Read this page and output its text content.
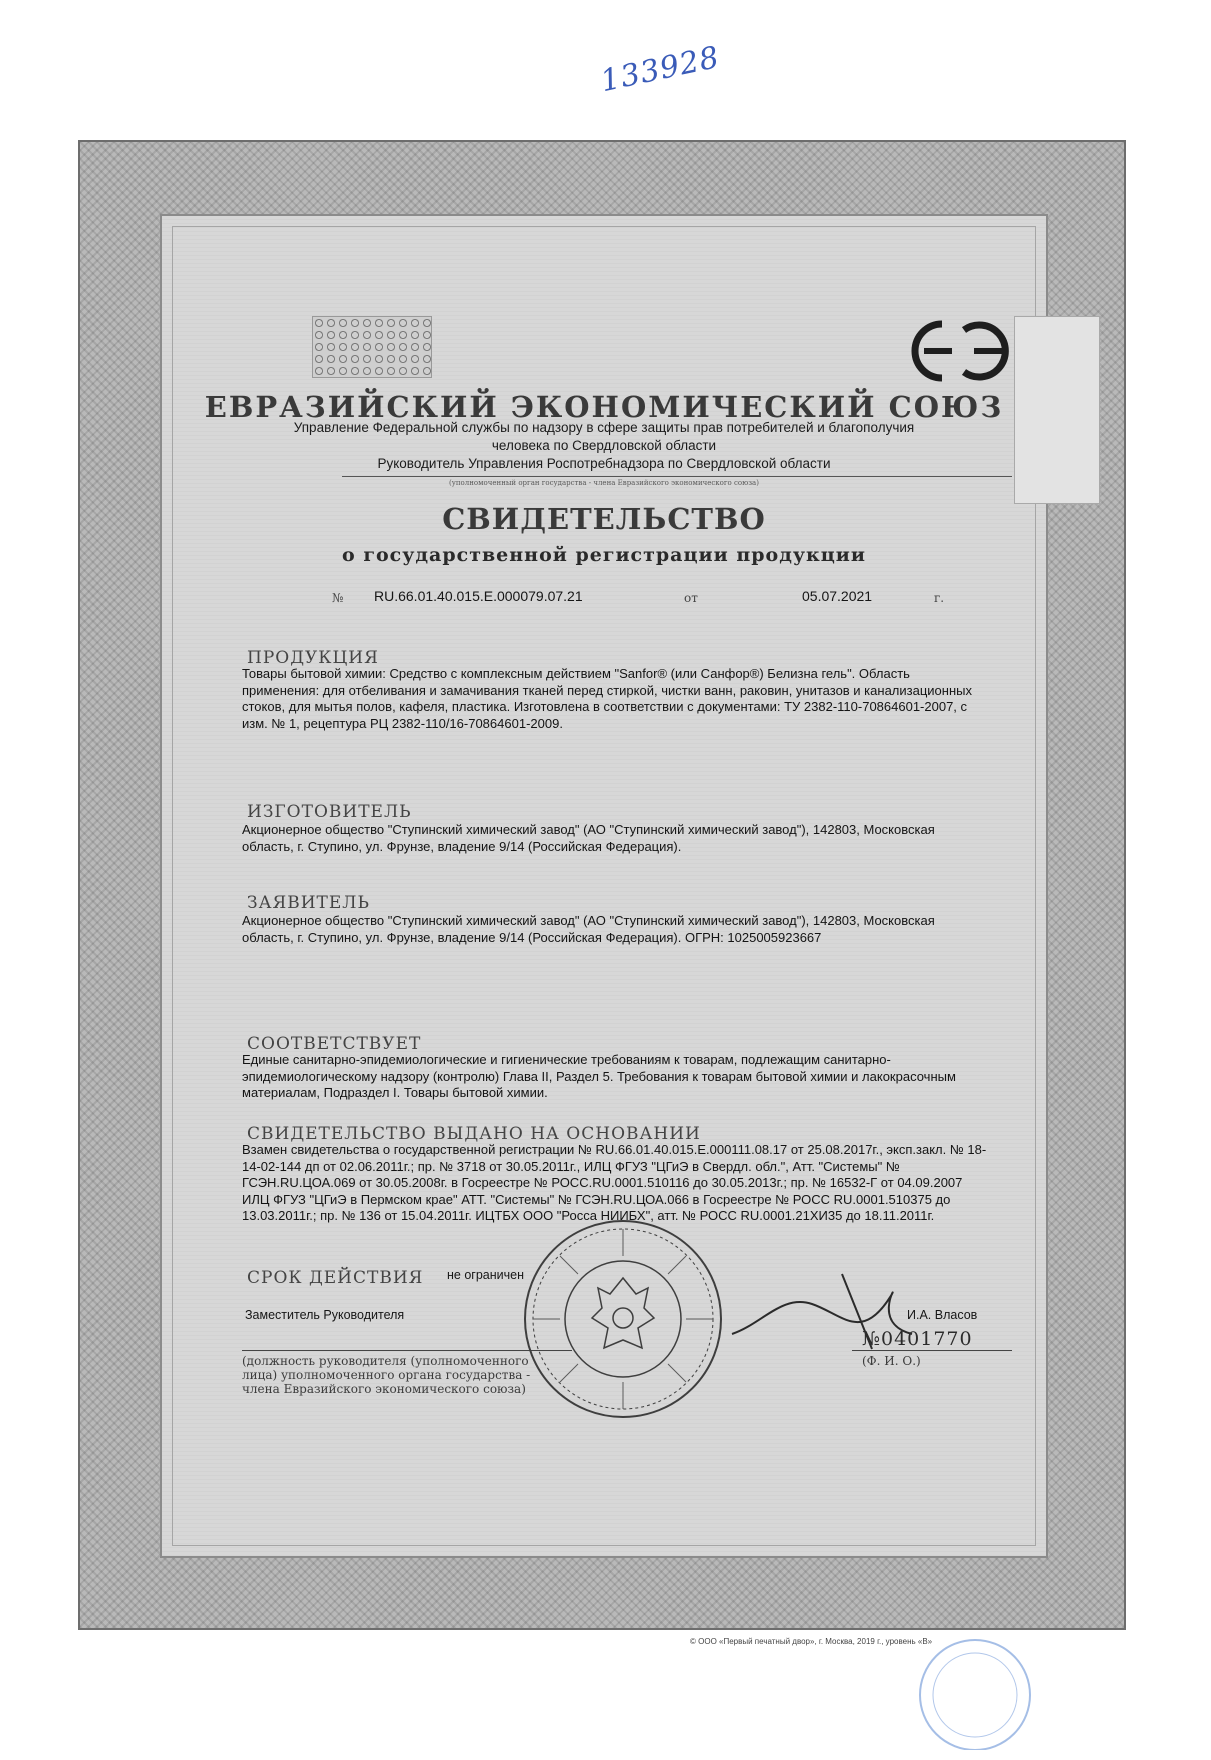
133928
ЕВРАЗИЙСКИЙ ЭКОНОМИЧЕСКИЙ СОЮЗ
Управление Федеральной службы по надзору в сфере защиты прав потребителей и благополучия
человека по Свердловской области
Руководитель Управления Роспотребнадзора по Свердловской области
(уполномоченный орган государства - члена Евразийского экономического союза)
СВИДЕТЕЛЬСТВО
о государственной регистрации продукции
№ RU.66.01.40.015.E.000079.07.21	от	05.07.2021	г.
ПРОДУКЦИЯ
Товары бытовой химии: Средство с комплексным действием "Sanfor® (или Санфор®) Белизна гель". Область применения: для отбеливания и замачивания тканей перед стиркой, чистки ванн, раковин, унитазов и канализационных стоков, для мытья полов, кафеля, пластика. Изготовлена в соответствии с документами: ТУ 2382-110-70864601-2007, с изм. № 1, рецептура РЦ 2382-110/16-70864601-2009.
ИЗГОТОВИТЕЛЬ
Акционерное общество "Ступинский химический завод" (АО "Ступинский химический завод"), 142803, Московская область, г. Ступино, ул. Фрунзе, владение 9/14 (Российская Федерация).
ЗАЯВИТЕЛЬ
Акционерное общество "Ступинский химический завод" (АО "Ступинский химический завод"), 142803, Московская область, г. Ступино, ул. Фрунзе, владение 9/14 (Российская Федерация). ОГРН: 1025005923667
СООТВЕТСТВУЕТ
Единые санитарно-эпидемиологические и гигиенические требованиям к товарам, подлежащим санитарно-эпидемиологическому надзору (контролю) Глава II, Раздел 5. Требования к товарам бытовой химии и лакокрасочным материалам, Подраздел I. Товары бытовой химии.
СВИДЕТЕЛЬСТВО ВЫДАНО НА ОСНОВАНИИ
Взамен свидетельства о государственной регистрации № RU.66.01.40.015.E.000111.08.17 от 25.08.2017г., эксп.закл. № 18-14-02-144 дп от 02.06.2011г.; пр. № 3718 от 30.05.2011г., ИЛЦ ФГУЗ "ЦГиЭ в Свердл. обл.", Атт. "Системы" № ГСЭН.RU.ЦОА.069 от 30.05.2008г. в Госреестре № РОСС.RU.0001.510116 до 30.05.2013г.; пр. № 16532-Г от 04.09.2007 ИЛЦ ФГУЗ "ЦГиЭ в Пермском крае" АТТ. "Системы" № ГСЭН.RU.ЦОА.066 в Госреестре № РОСС RU.0001.510375 до 13.03.2011г.; пр. № 136 от 15.04.2011г. ИЦТБХ ООО "Росса НИИБХ", атт. № РОСС RU.0001.21ХИ35 до 18.11.2011г.
СРОК ДЕЙСТВИЯ не ограничен
Заместитель Руководителя	И.А. Власов
(должность руководителя (уполномоченного
лица) уполномоченного органа государства -
члена Евразийского экономического союза)
(Ф. И. О.)
№0401770
© ООО «Первый печатный двор», г. Москва, 2019 г., уровень «В»
